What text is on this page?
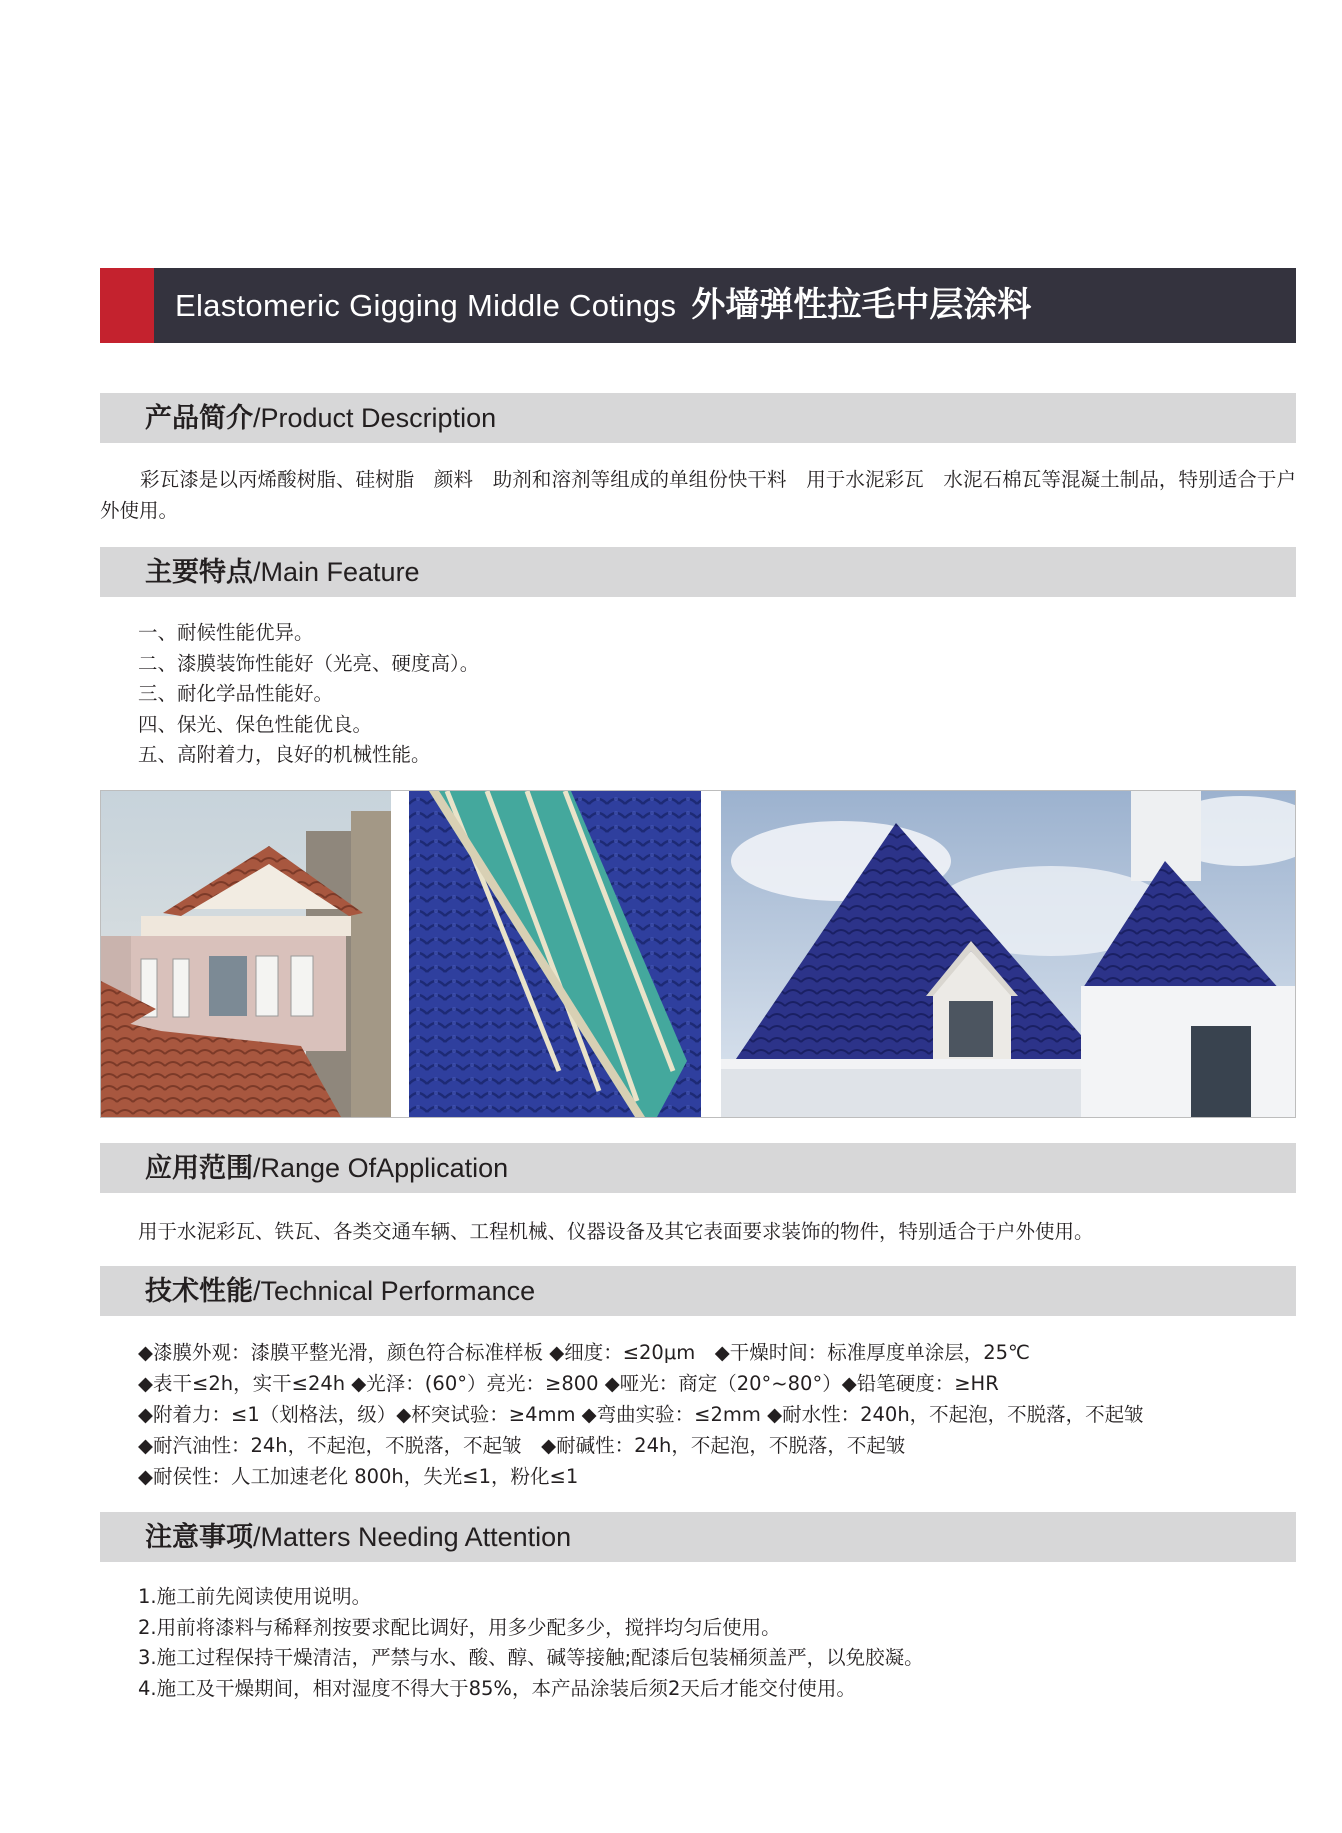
Elastomeric Gigging Middle Cotings 外墙弹性拉毛中层涂料
产品简介/Product Description

彩瓦漆是以丙烯酸树脂、硅树脂　颜料　助剂和溶剂等组成的单组份快干料　用于水泥彩瓦　水泥石棉瓦等混凝土制品，特别适合于户外使用。

主要特点/Main Feature
一、耐候性能优异。
二、漆膜装饰性能好（光亮、硬度高）。
三、耐化学品性能好。
四、保光、保色性能优良。
五、高附着力，良好的机械性能。
应用范围/Range OfApplication
用于水泥彩瓦、铁瓦、各类交通车辆、工程机械、仪器设备及其它表面要求装饰的物件，特别适合于户外使用。
技术性能/Technical Performance
◆漆膜外观：漆膜平整光滑，颜色符合标准样板 ◆细度：≤20μm　◆干燥时间：标准厚度单涂层，25℃
◆表干≤2h，实干≤24h ◆光泽：(60°）亮光：≥800 ◆哑光：商定（20°~80°）◆铅笔硬度：≥HR
◆附着力：≤1（划格法，级）◆杯突试验：≥4mm ◆弯曲实验：≤2mm ◆耐水性：240h，不起泡，不脱落，不起皱
◆耐汽油性：24h，不起泡，不脱落，不起皱　◆耐碱性：24h，不起泡，不脱落，不起皱
◆耐侯性：人工加速老化 800h，失光≤1，粉化≤1
注意事项/Matters Needing Attention
1.施工前先阅读使用说明。
2.用前将漆料与稀释剂按要求配比调好，用多少配多少，搅拌均匀后使用。
3.施工过程保持干燥清洁，严禁与水、酸、醇、碱等接触;配漆后包装桶须盖严，以免胶凝。
4.施工及干燥期间，相对湿度不得大于85%，本产品涂装后须2天后才能交付使用。
